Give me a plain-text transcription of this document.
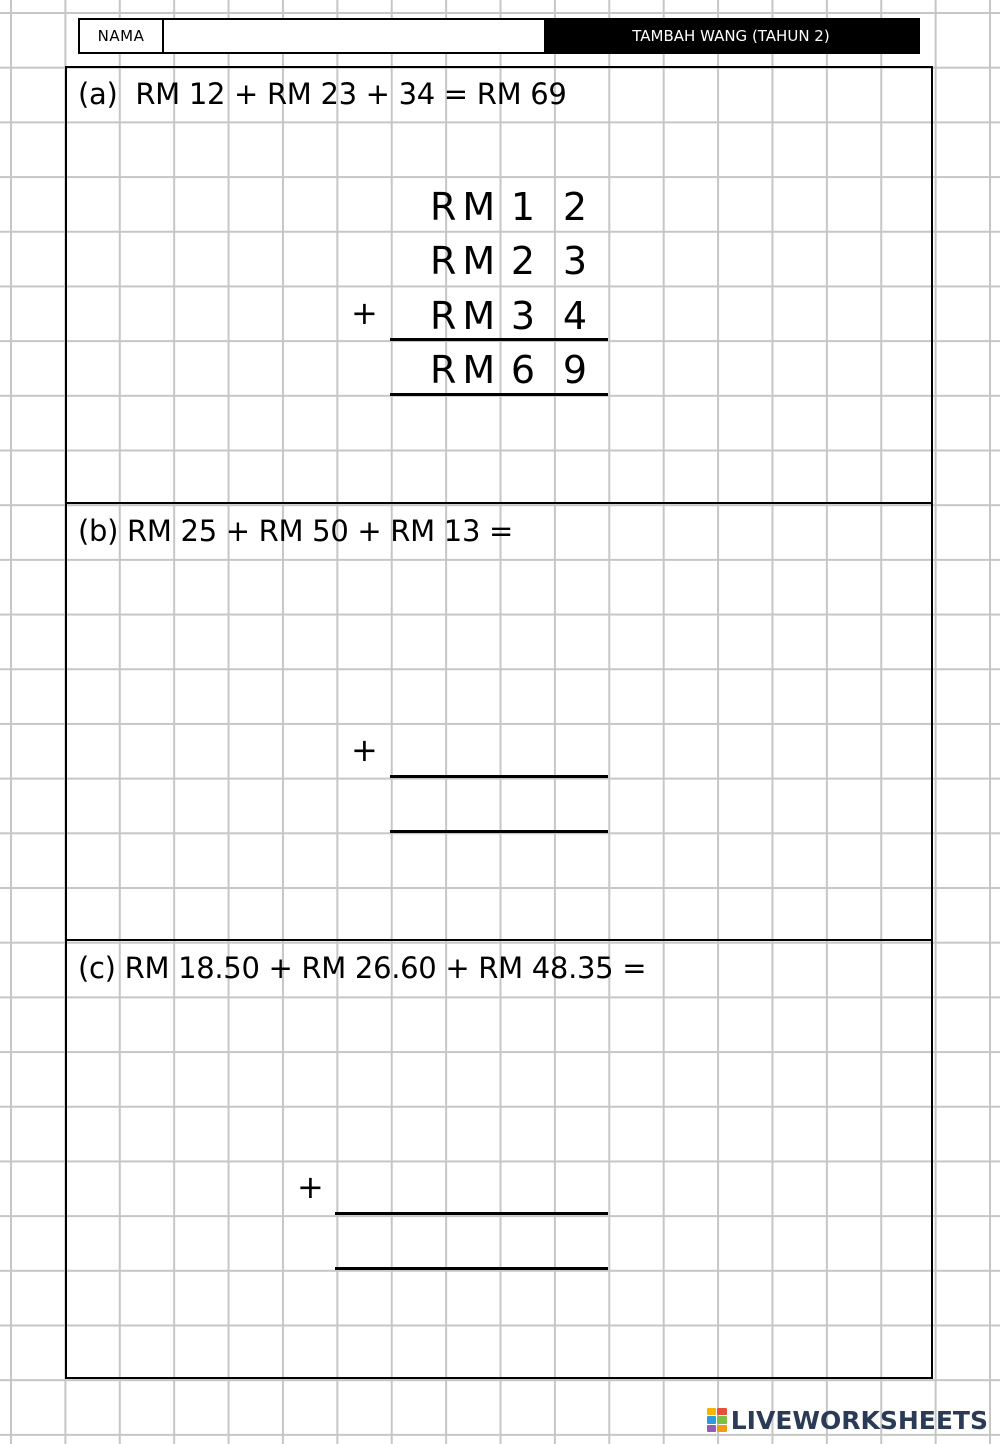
NAMA	TAMBAH WANG (TAHUN 2)
(a)  RM 12 + RM 23 + 34 = RM 69
RM 1 2
RM 2 3
+ RM 3 4
RM 6 9
(b) RM 25 + RM 50 + RM 13 =
+
(c) RM 18.50 + RM 26.60 + RM 48.35 =
+
LIVEWORKSHEETS
